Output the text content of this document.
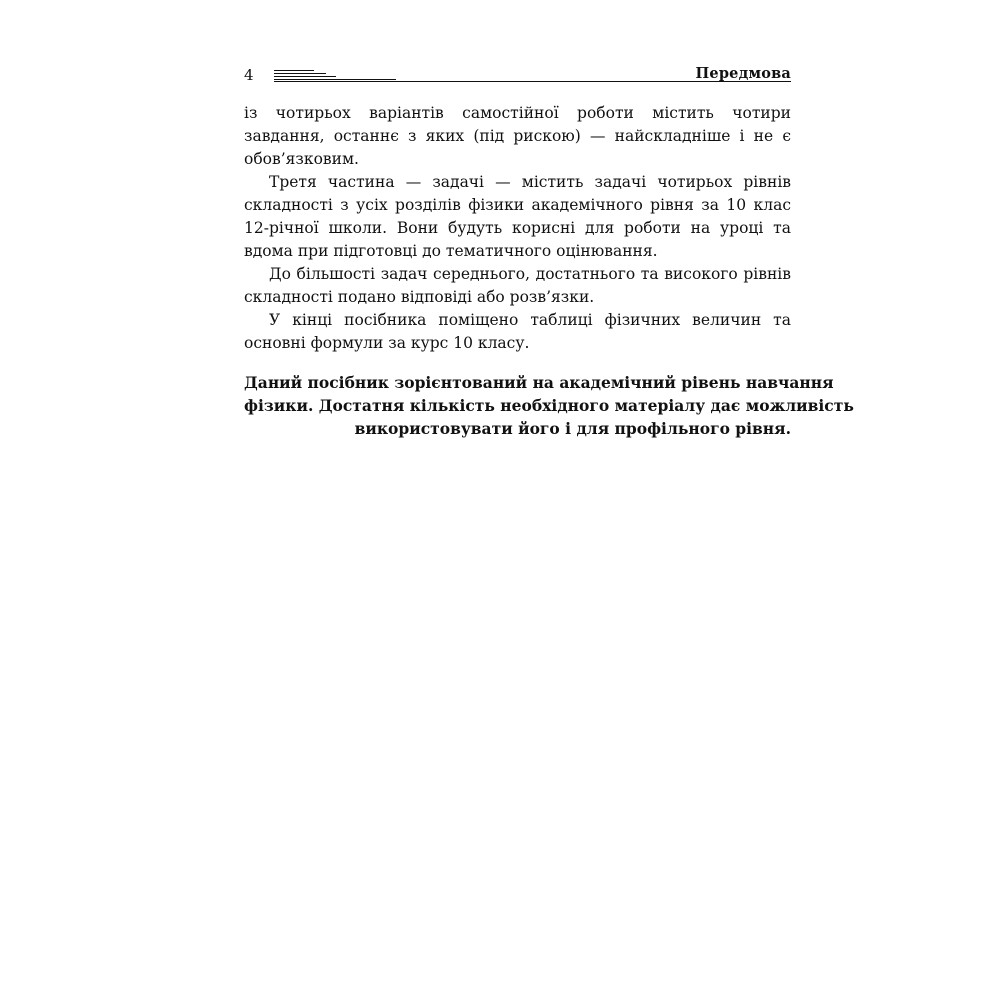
4	Передмова

із чотирьох варіантів самостійної роботи містить чотири завдання, останнє з яких (під рискою) — найскладніше і не є обов’язковим.

Третя частина — задачі — містить задачі чотирьох рівнів складності з усіх розділів фізики академічного рівня за 10 клас 12-річної школи. Вони будуть корисні для роботи на уроці та вдома при підготовці до тематичного оцінювання.

До більшості задач середнього, достатнього та високого рівнів складності подано відповіді або розв’язки.

У кінці посібника поміщено таблиці фізичних величин та основні формули за курс 10 класу.

Даний посібник зорієнтований на академічний рівень навчання
фізики. Достатня кількість необхідного матеріалу дає можливість
використовувати його і для профільного рівня.
